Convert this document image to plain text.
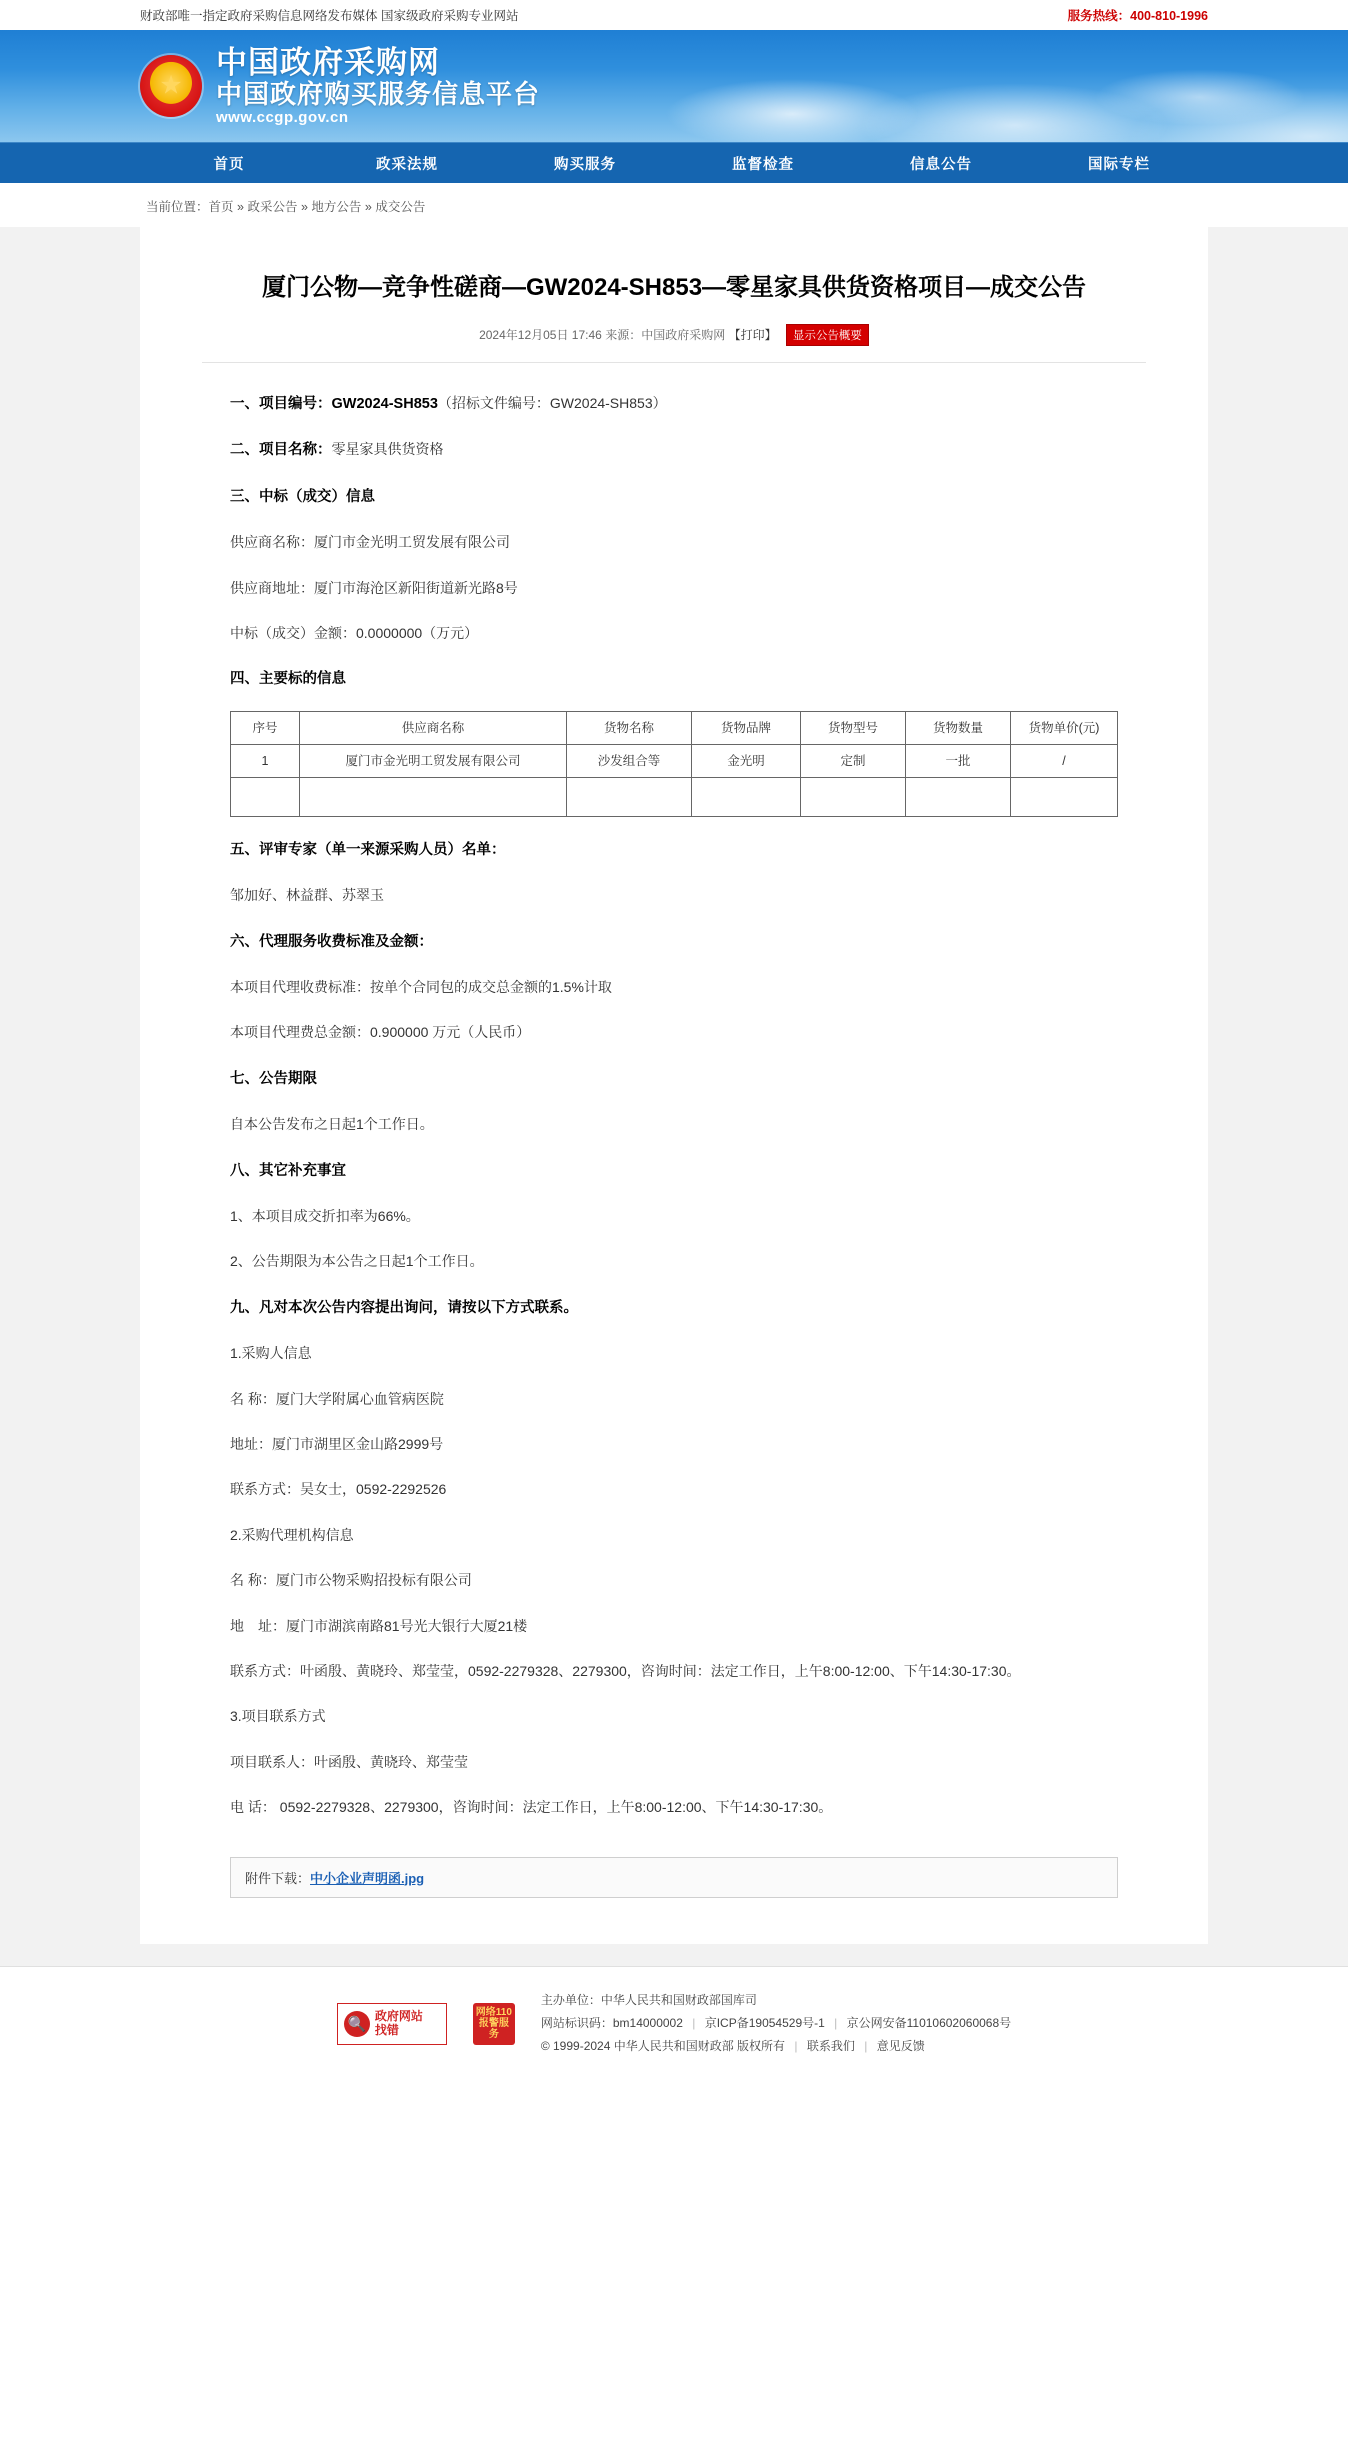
财政部唯一指定政府采购信息网络发布媒体 国家级政府采购专业网站	服务热线：400-810-1996
★
中国政府采购网
中国政府购买服务信息平台
www.ccgp.gov.cn
首页	政采法规	购买服务	监督检查	信息公告	国际专栏
当前位置：首页 » 政采公告 » 地方公告 » 成交公告
厦门公物—竞争性磋商—GW2024-SH853—零星家具供货资格项目—成交公告
2024年12月05日 17:46 来源：中国政府采购网 【打印】 显示公告概要

一、项目编号：GW2024-SH853（招标文件编号：GW2024-SH853）

二、项目名称：零星家具供货资格

三、中标（成交）信息

供应商名称：厦门市金光明工贸发展有限公司

供应商地址：厦门市海沧区新阳街道新光路8号

中标（成交）金额：0.0000000（万元）

四、主要标的信息

序号	供应商名称	货物名称	货物品牌	货物型号	货物数量	货物单价(元)
1	厦门市金光明工贸发展有限公司	沙发组合等	金光明	定制	一批	/

五、评审专家（单一来源采购人员）名单：

邹加好、林益群、苏翠玉

六、代理服务收费标准及金额：

本项目代理收费标准：按单个合同包的成交总金额的1.5%计取

本项目代理费总金额：0.900000 万元（人民币）

七、公告期限

自本公告发布之日起1个工作日。

八、其它补充事宜

1、本项目成交折扣率为66%。

2、公告期限为本公告之日起1个工作日。

九、凡对本次公告内容提出询问，请按以下方式联系。

1.采购人信息

名 称：厦门大学附属心血管病医院

地址：厦门市湖里区金山路2999号

联系方式：吴女士，0592-2292526

2.采购代理机构信息

名 称：厦门市公物采购招投标有限公司

地　址：厦门市湖滨南路81号光大银行大厦21楼

联系方式：叶函殷、黄晓玲、郑莹莹，0592-2279328、2279300，咨询时间：法定工作日，上午8:00-12:00、下午14:30-17:30。

3.项目联系方式

项目联系人：叶函殷、黄晓玲、郑莹莹

电 话： 0592-2279328、2279300，咨询时间：法定工作日，上午8:00-12:00、下午14:30-17:30。

附件下载：中小企业声明函.jpg
🔍 政府网站
找错
网络110 报警服务
主办单位：中华人民共和国财政部国库司
网站标识码：bm14000002 | 京ICP备19054529号-1 | 京公网安备11010602060068号
© 1999-2024 中华人民共和国财政部 版权所有 | 联系我们 | 意见反馈
